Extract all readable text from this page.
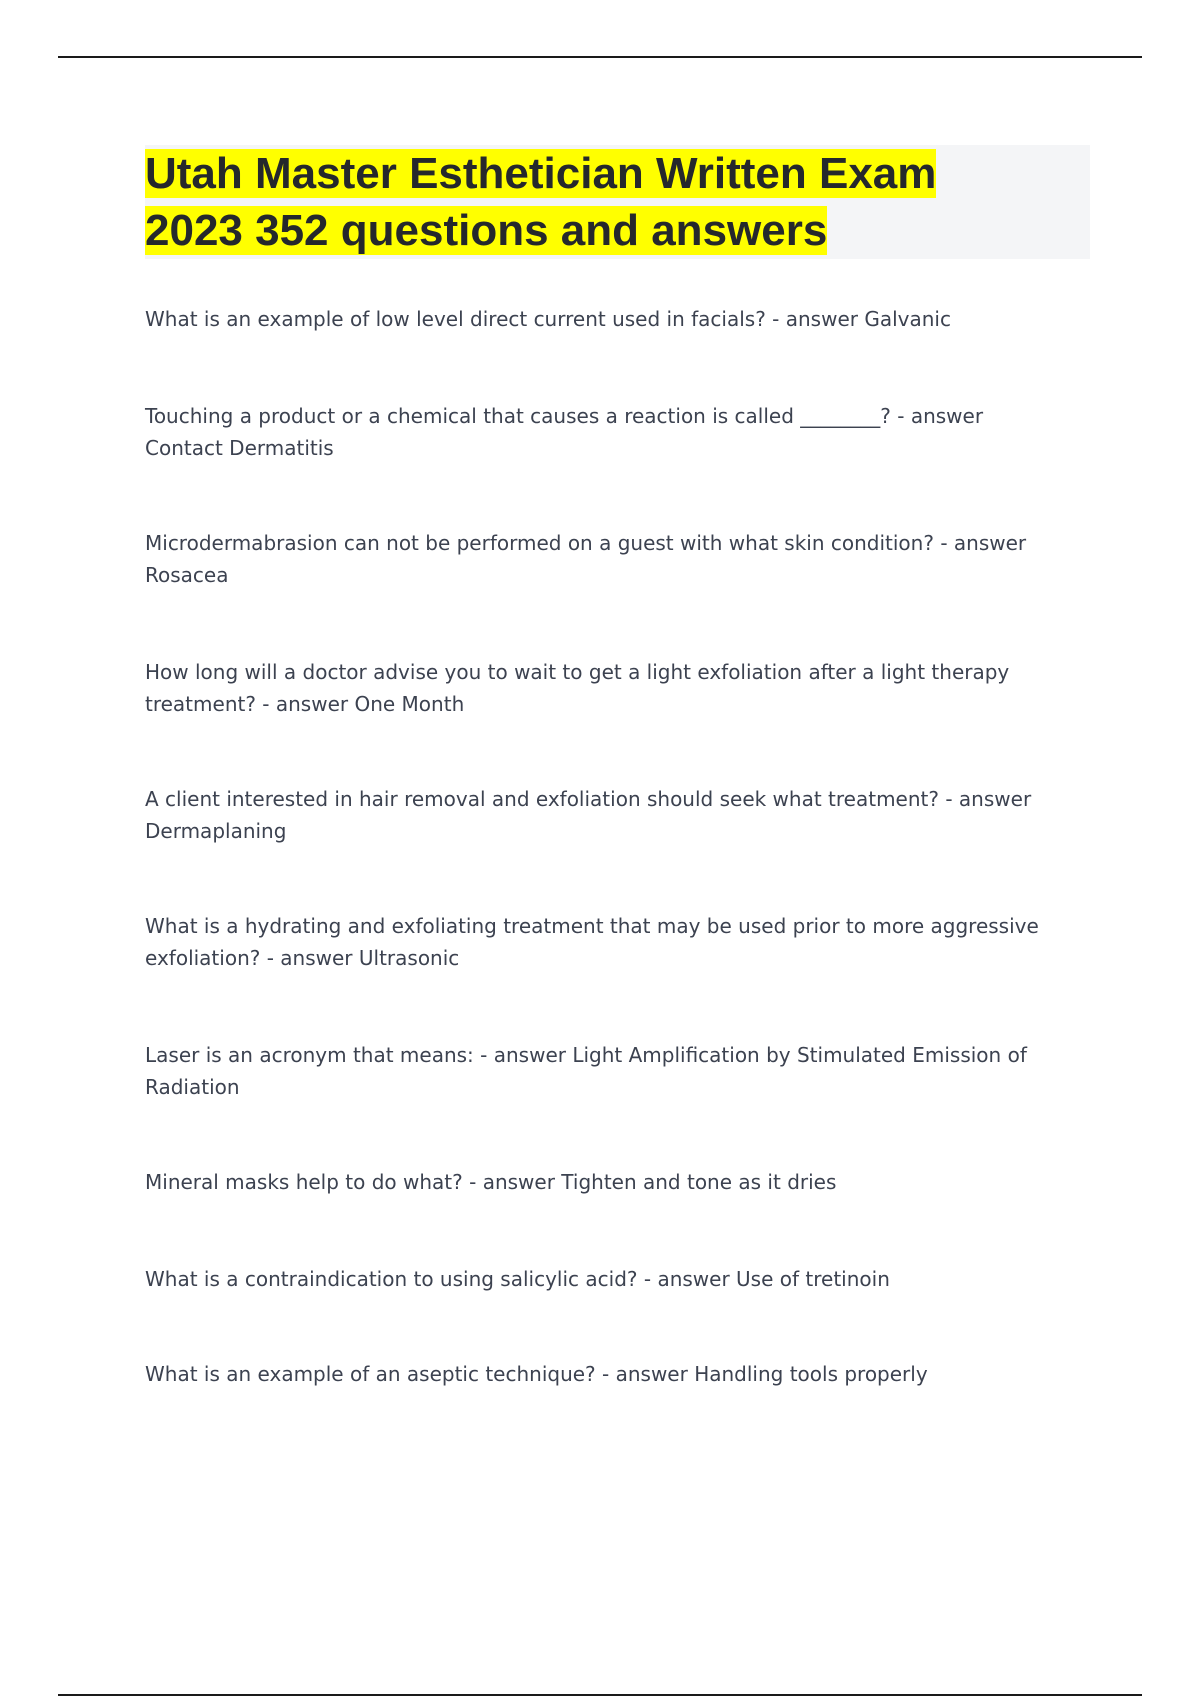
Utah Master Esthetician Written Exam
2023 352 questions and answers

What is an example of low level direct current used in facials? - answer Galvanic

Touching a product or a chemical that causes a reaction is called ________? - answer Contact Dermatitis

Microdermabrasion can not be performed on a guest with what skin condition? - answer Rosacea

How long will a doctor advise you to wait to get a light exfoliation after a light therapy treatment? - answer One Month

A client interested in hair removal and exfoliation should seek what treatment? - answer Dermaplaning

What is a hydrating and exfoliating treatment that may be used prior to more aggressive exfoliation? - answer Ultrasonic

Laser is an acronym that means: - answer Light Amplification by Stimulated Emission of Radiation

Mineral masks help to do what? - answer Tighten and tone as it dries

What is a contraindication to using salicylic acid? - answer Use of tretinoin

What is an example of an aseptic technique? - answer Handling tools properly
